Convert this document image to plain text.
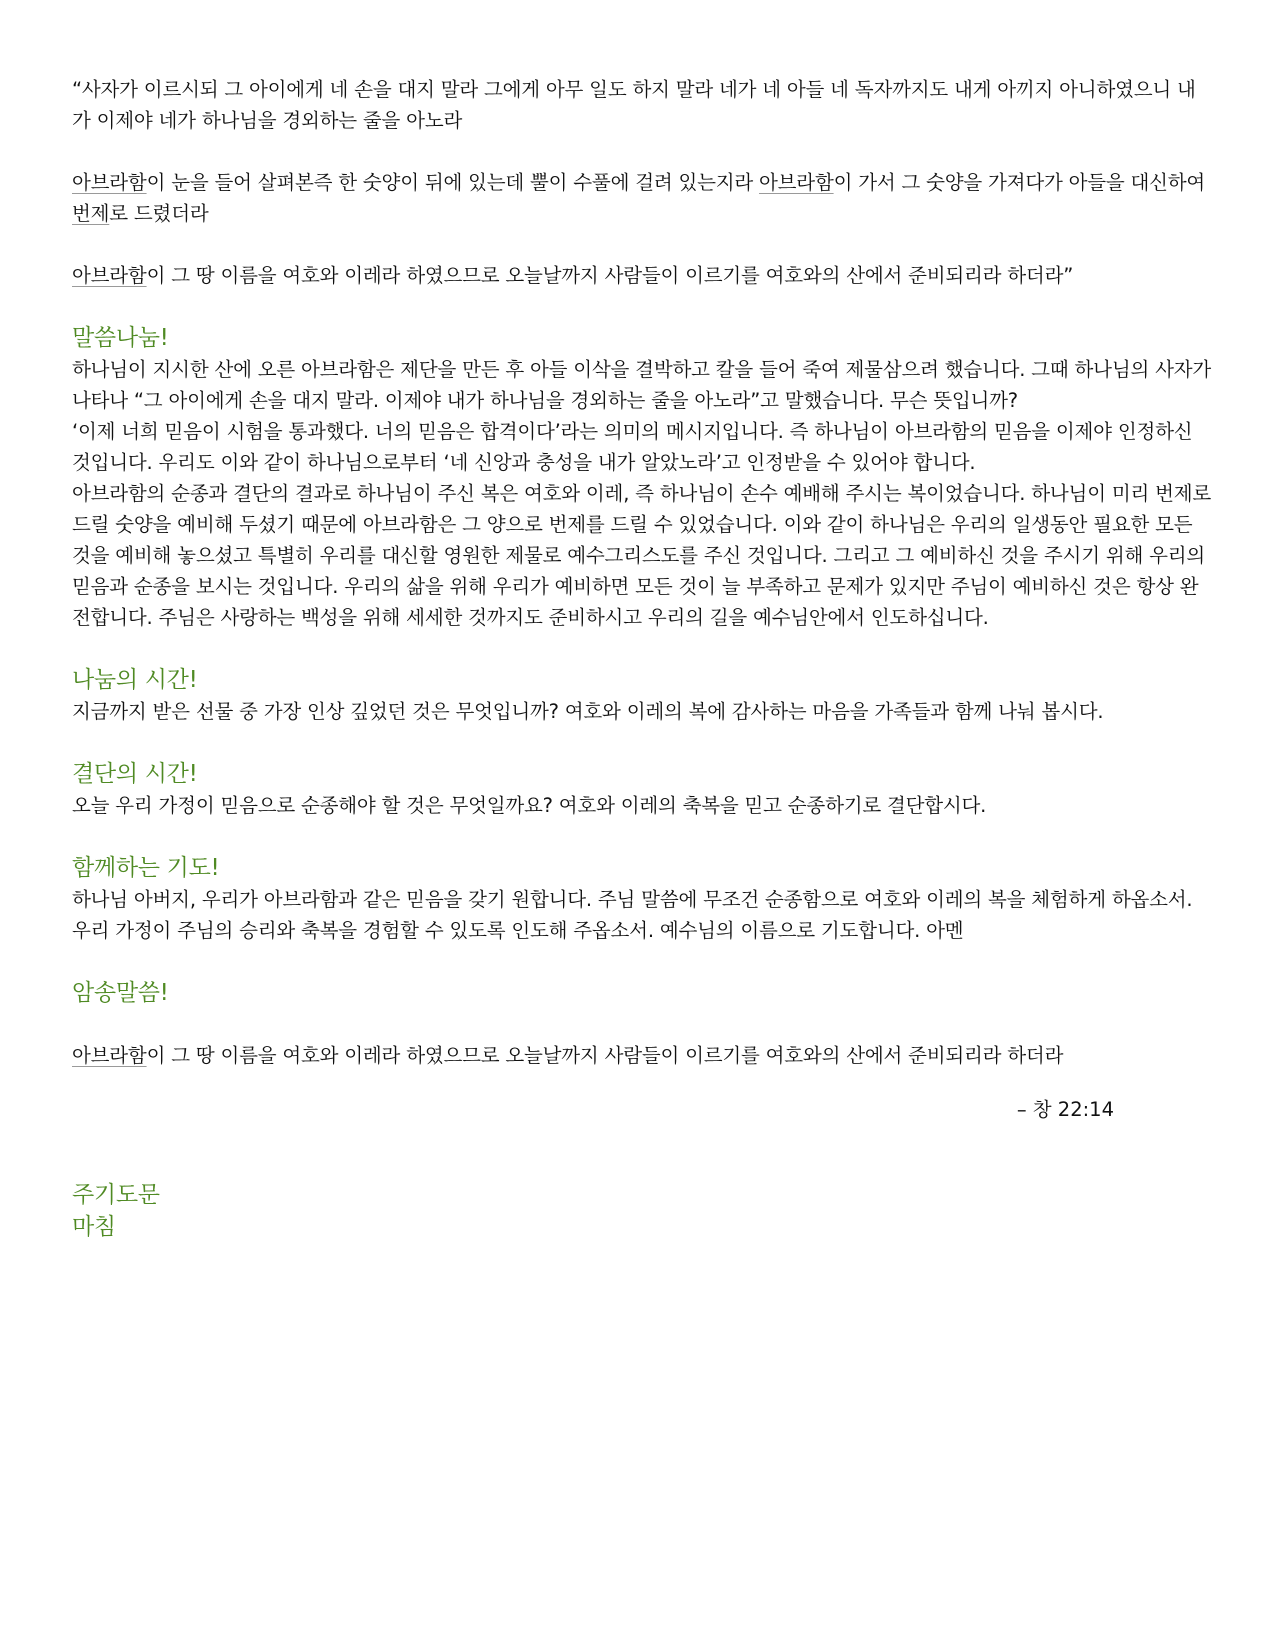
“사자가 이르시되 그 아이에게 네 손을 대지 말라 그에게 아무 일도 하지 말라 네가 네 아들 네 독자까지도 내게 아끼지 아니하였으니 내가 이제야 네가 하나님을 경외하는 줄을 아노라

아브라함이 눈을 들어 살펴본즉 한 숫양이 뒤에 있는데 뿔이 수풀에 걸려 있는지라 아브라함이 가서 그 숫양을 가져다가 아들을 대신하여 번제로 드렸더라

아브라함이 그 땅 이름을 여호와 이레라 하였으므로 오늘날까지 사람들이 이르기를 여호와의 산에서 준비되리라 하더라”

말씀나눔!

하나님이 지시한 산에 오른 아브라함은 제단을 만든 후 아들 이삭을 결박하고 칼을 들어 죽여 제물삼으려 했습니다. 그때 하나님의 사자가 나타나 “그 아이에게 손을 대지 말라. 이제야 내가 하나님을 경외하는 줄을 아노라”고 말했습니다. 무슨 뜻입니까?

‘이제 너희 믿음이 시험을 통과했다. 너의 믿음은 합격이다’라는 의미의 메시지입니다. 즉 하나님이 아브라함의 믿음을 이제야 인정하신 것입니다. 우리도 이와 같이 하나님으로부터 ‘네 신앙과 충성을 내가 알았노라’고 인정받을 수 있어야 합니다.

아브라함의 순종과 결단의 결과로 하나님이 주신 복은 여호와 이레, 즉 하나님이 손수 예배해 주시는 복이었습니다. 하나님이 미리 번제로 드릴 숫양을 예비해 두셨기 때문에 아브라함은 그 양으로 번제를 드릴 수 있었습니다. 이와 같이 하나님은 우리의 일생동안 필요한 모든 것을 예비해 놓으셨고 특별히 우리를 대신할 영원한 제물로 예수그리스도를 주신 것입니다. 그리고 그 예비하신 것을 주시기 위해 우리의 믿음과 순종을 보시는 것입니다. 우리의 삶을 위해 우리가 예비하면 모든 것이 늘 부족하고 문제가 있지만 주님이 예비하신 것은 항상 완전합니다. 주님은 사랑하는 백성을 위해 세세한 것까지도 준비하시고 우리의 길을 예수님안에서 인도하십니다.

나눔의 시간!

지금까지 받은 선물 중 가장 인상 깊었던 것은 무엇입니까? 여호와 이레의 복에 감사하는 마음을 가족들과 함께 나눠 봅시다.

결단의 시간!

오늘 우리 가정이 믿음으로 순종해야 할 것은 무엇일까요? 여호와 이레의 축복을 믿고 순종하기로 결단합시다.

함께하는 기도!

하나님 아버지, 우리가 아브라함과 같은 믿음을 갖기 원합니다. 주님 말씀에 무조건 순종함으로 여호와 이레의 복을 체험하게 하옵소서. 우리 가정이 주님의 승리와 축복을 경험할 수 있도록 인도해 주옵소서. 예수님의 이름으로 기도합니다. 아멘

암송말씀!

아브라함이 그 땅 이름을 여호와 이레라 하였으므로 오늘날까지 사람들이 이르기를 여호와의 산에서 준비되리라 하더라

– 창 22:14

주기도문
마침
